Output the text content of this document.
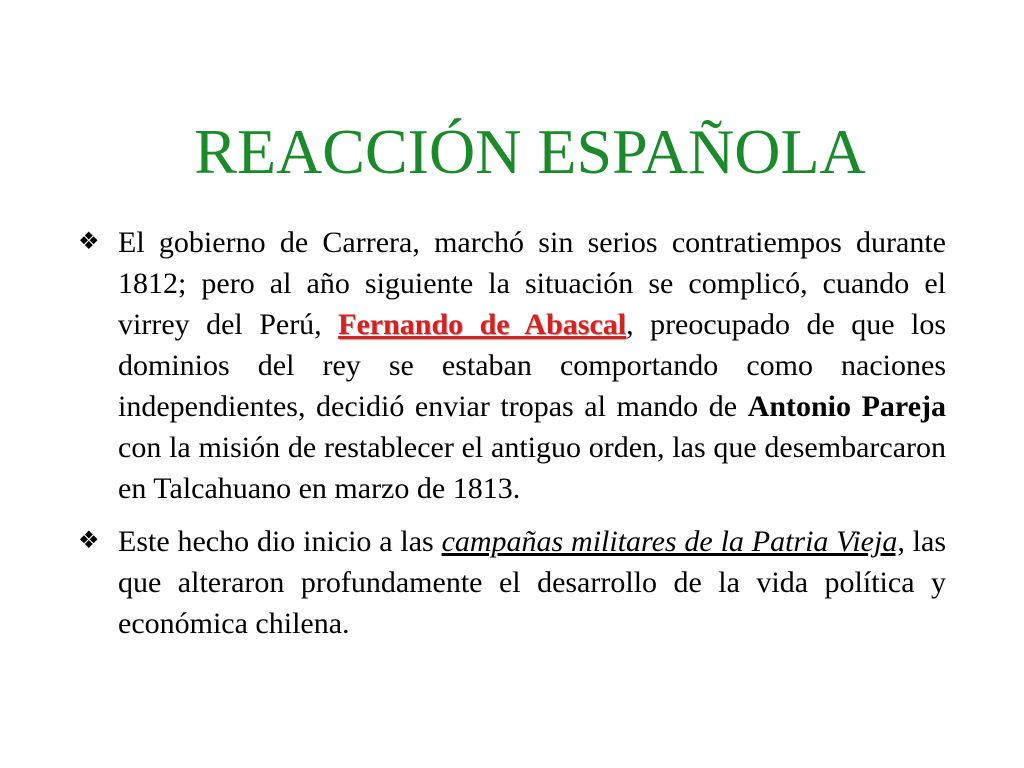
REACCIÓN ESPAÑOLA
❖ El gobierno de Carrera, marchó sin serios contratiempos durante 1812; pero al año siguiente la situación se complicó, cuando el virrey del Perú, Fernando de Abascal, preocupado de que los dominios del rey se estaban comportando como naciones independientes, decidió enviar tropas al mando de Antonio Pareja con la misión de restablecer el antiguo orden, las que desembarcaron en Talcahuano en marzo de 1813.
❖ Este hecho dio inicio a las campañas militares de la Patria Vieja, las que alteraron profundamente el desarrollo de la vida política y económica chilena.
